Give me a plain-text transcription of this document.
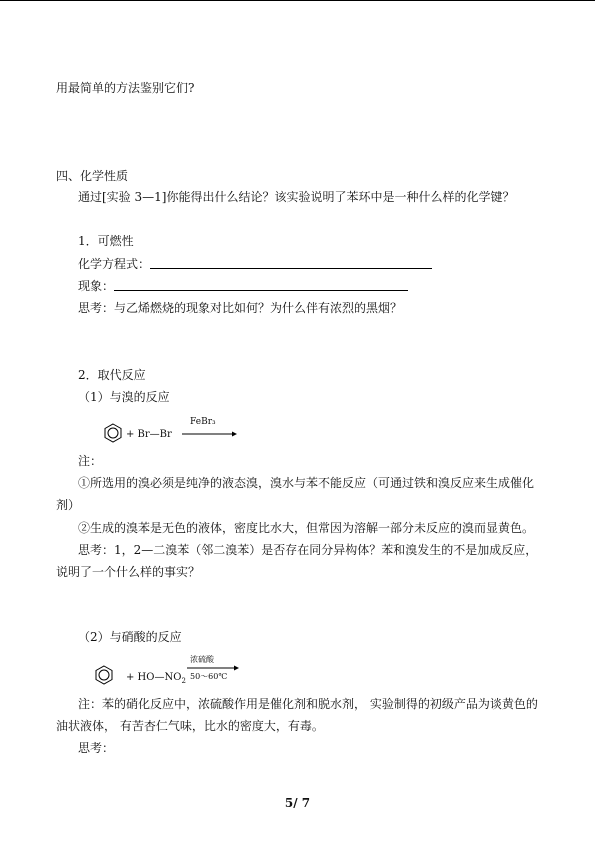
用最简单的方法鉴别它们?
四、化学性质
通过[实验 3—1]你能得出什么结论？该实验说明了苯环中是一种什么样的化学键？
1．可燃性
化学方程式：
现象：
思考：与乙烯燃烧的现象对比如何？为什么伴有浓烈的黑烟？
2．取代反应
（1）与溴的反应
+ Br—Br
FeBr₃
注：
①所选用的溴必须是纯净的液态溴，溴水与苯不能反应（可通过铁和溴反应来生成催化
剂）
②生成的溴苯是无色的液体，密度比水大，但常因为溶解一部分未反应的溴而显黄色。
思考：1，2—二溴苯（邻二溴苯）是否存在同分异构体？苯和溴发生的不是加成反应，
说明了一个什么样的事实？
（2）与硝酸的反应
+ $HO—NO_2$
浓硫酸
50～60℃
注：苯的硝化反应中，浓硫酸作用是催化剂和脱水剂， 实验制得的初级产品为谈黄色的
油状液体， 有苦杏仁气味，比水的密度大，有毒。
思考：
5/ 7
